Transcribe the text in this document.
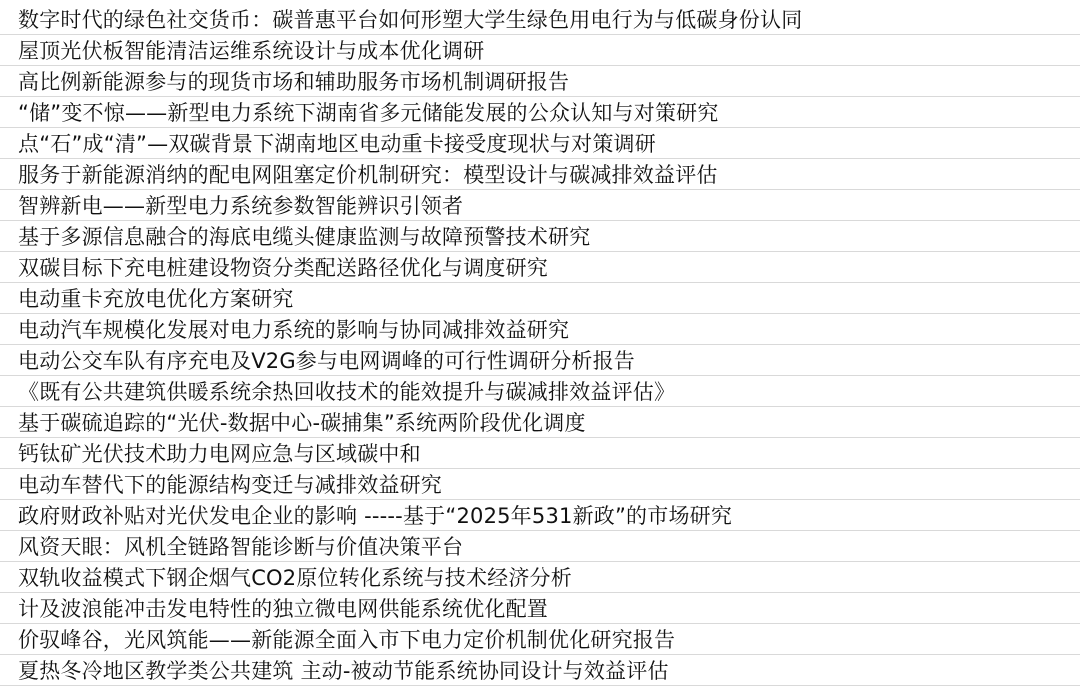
数字时代的绿色社交货币：碳普惠平台如何形塑大学生绿色用电行为与低碳身份认同
屋顶光伏板智能清洁运维系统设计与成本优化调研
高比例新能源参与的现货市场和辅助服务市场机制调研报告
“储”变不惊——新型电力系统下湖南省多元储能发展的公众认知与对策研究
点“石”成“清”—双碳背景下湖南地区电动重卡接受度现状与对策调研
服务于新能源消纳的配电网阻塞定价机制研究：模型设计与碳减排效益评估
智辨新电——新型电力系统参数智能辨识引领者
基于多源信息融合的海底电缆头健康监测与故障预警技术研究
双碳目标下充电桩建设物资分类配送路径优化与调度研究
电动重卡充放电优化方案研究
电动汽车规模化发展对电力系统的影响与协同减排效益研究
电动公交车队有序充电及V2G参与电网调峰的可行性调研分析报告
《既有公共建筑供暖系统余热回收技术的能效提升与碳减排效益评估》
基于碳硫追踪的“光伏-数据中心-碳捕集”系统两阶段优化调度
钙钛矿光伏技术助力电网应急与区域碳中和
电动车替代下的能源结构变迁与减排效益研究
政府财政补贴对光伏发电企业的影响 -----基于“2025年531新政”的市场研究
风资天眼：风机全链路智能诊断与价值决策平台
双轨收益模式下钢企烟气CO2原位转化系统与技术经济分析
计及波浪能冲击发电特性的独立微电网供能系统优化配置
价驭峰谷，光风筑能——新能源全面入市下电力定价机制优化研究报告
夏热冬冷地区教学类公共建筑 主动-被动节能系统协同设计与效益评估
